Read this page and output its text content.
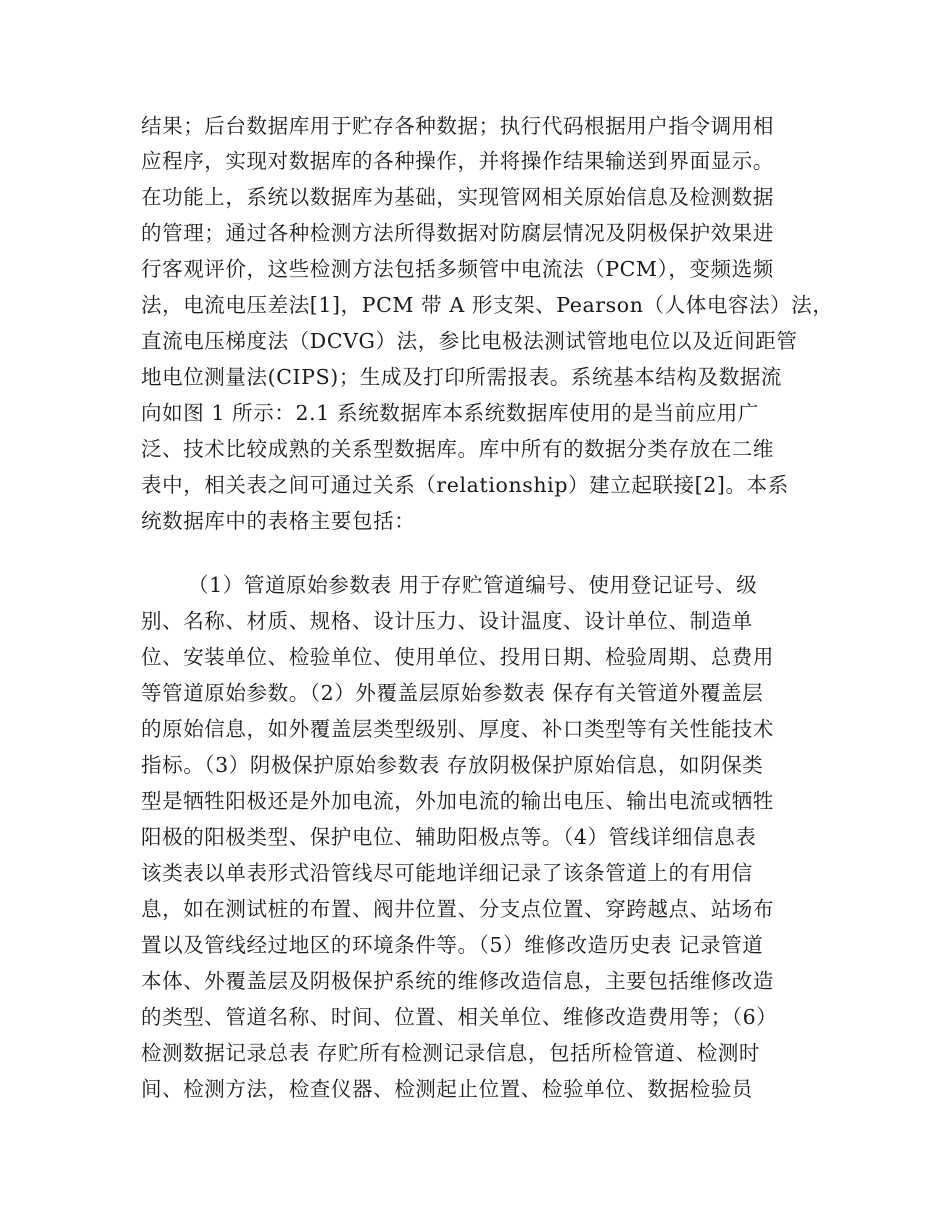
结果；后台数据库用于贮存各种数据；执行代码根据用户指令调用相
应程序，实现对数据库的各种操作，并将操作结果输送到界面显示。
在功能上，系统以数据库为基础，实现管网相关原始信息及检测数据
的管理；通过各种检测方法所得数据对防腐层情况及阴极保护效果进
行客观评价，这些检测方法包括多频管中电流法（PCM），变频选频
法，电流电压差法[1]，PCM 带 A 形支架、Pearson（人体电容法）法，
直流电压梯度法（DCVG）法，参比电极法测试管地电位以及近间距管
地电位测量法(CIPS)；生成及打印所需报表。系统基本结构及数据流
向如图 1 所示：2.1 系统数据库本系统数据库使用的是当前应用广
泛、技术比较成熟的关系型数据库。库中所有的数据分类存放在二维
表中，相关表之间可通过关系（relationship）建立起联接[2]。本系
统数据库中的表格主要包括：
（1）管道原始参数表 用于存贮管道编号、使用登记证号、级
别、名称、材质、规格、设计压力、设计温度、设计单位、制造单
位、安装单位、检验单位、使用单位、投用日期、检验周期、总费用
等管道原始参数。（2）外覆盖层原始参数表 保存有关管道外覆盖层
的原始信息，如外覆盖层类型级别、厚度、补口类型等有关性能技术
指标。（3）阴极保护原始参数表 存放阴极保护原始信息，如阴保类
型是牺牲阳极还是外加电流，外加电流的输出电压、输出电流或牺牲
阳极的阳极类型、保护电位、辅助阳极点等。（4）管线详细信息表
该类表以单表形式沿管线尽可能地详细记录了该条管道上的有用信
息，如在测试桩的布置、阀井位置、分支点位置、穿跨越点、站场布
置以及管线经过地区的环境条件等。（5）维修改造历史表 记录管道
本体、外覆盖层及阴极保护系统的维修改造信息，主要包括维修改造
的类型、管道名称、时间、位置、相关单位、维修改造费用等；（6）
检测数据记录总表 存贮所有检测记录信息，包括所检管道、检测时
间、检测方法，检查仪器、检测起止位置、检验单位、数据检验员
